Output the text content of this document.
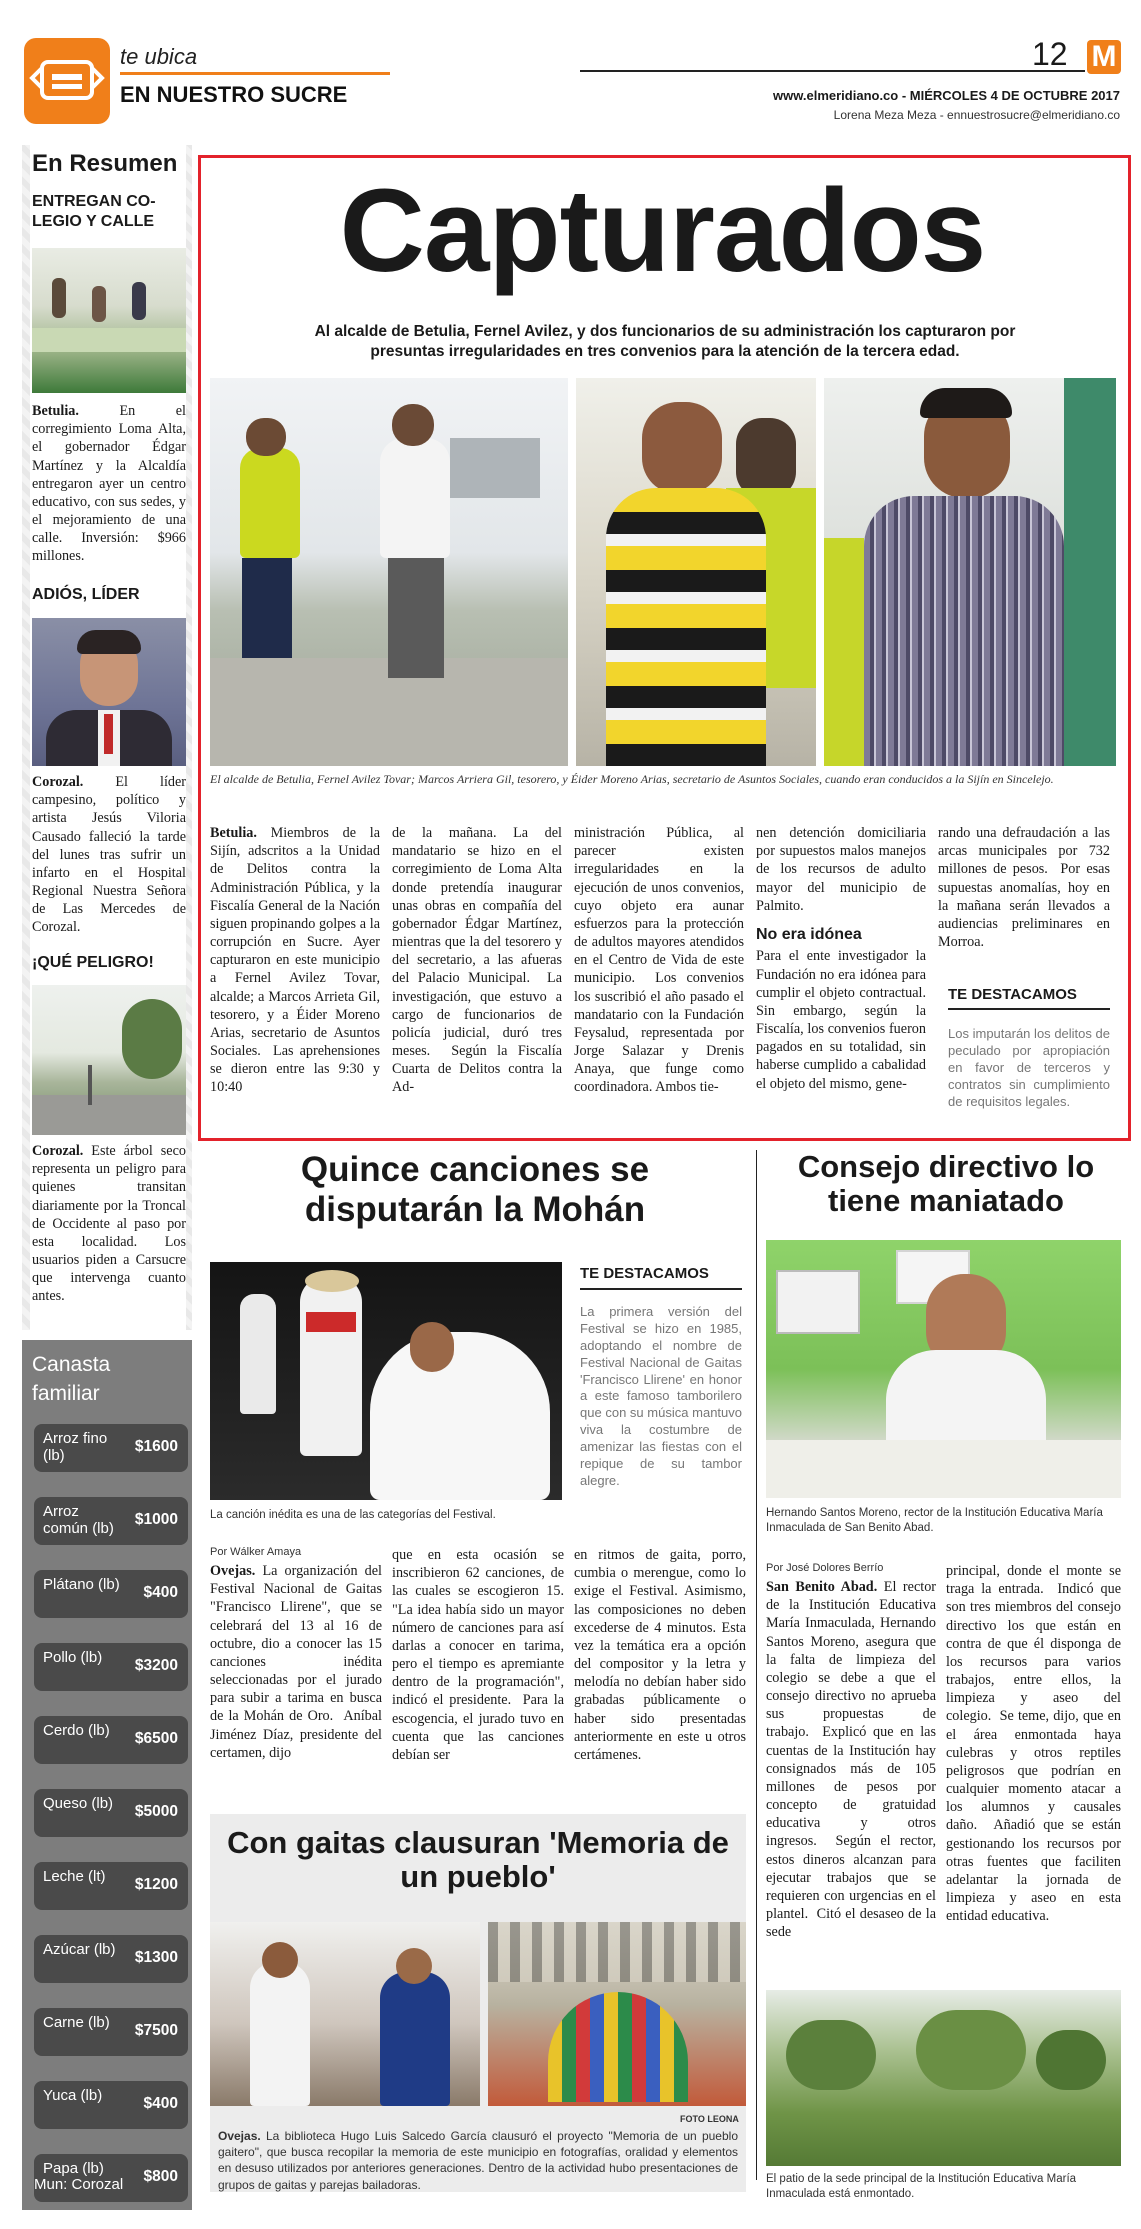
te ubica
EN NUESTRO SUCRE
12 M
www.elmeridiano.co - MIÉRCOLES 4 DE OCTUBRE 2017
Lorena Meza Meza - ennuestrosucre@elmeridiano.co
En Resumen
ENTREGAN CO-LEGIO Y CALLE
Betulia. En el corregimiento Loma Alta, el gobernador Édgar Martínez y la Alcaldía entregaron ayer un centro educativo, con sus sedes, y el mejoramiento de una calle. Inversión: $966 millones.
ADIÓS, LÍDER
Corozal. El líder campesino, político y artista Jesús Viloria Causado falleció la tarde del lunes tras sufrir un infarto en el Hospital Regional Nuestra Señora de Las Mercedes de Corozal.
¡QUÉ PELIGRO!
Corozal. Este árbol seco representa un peligro para quienes transitan diariamente por la Troncal de Occidente al paso por esta localidad. Los usuarios piden a Carsucre que intervenga cuanto antes.
Canasta familiar
Arroz fino (lb)
$1600
Arroz común (lb)
$1000
Plátano (lb) $400
Pollo (lb)	$3200
Cerdo (lb)	$6500
Queso (lb)	$5000
Leche (lt)	$1200
Azúcar (lb)	$1300
Carne (lb)	$7500
Yuca (lb)	$400
Papa (lb)	$800
Mun: Corozal
Capturados
Al alcalde de Betulia, Fernel Avilez, y dos funcionarios de su administración los capturaron por presuntas irregularidades en tres convenios para la atención de la tercera edad.
El alcalde de Betulia, Fernel Avilez Tovar; Marcos Arriera Gil, tesorero, y Éider Moreno Arias, secretario de Asuntos Sociales, cuando eran conducidos a la Sijín en Sincelejo.
Betulia. Miembros de la Sijín, adscritos a la Unidad de Delitos contra la Administración Pública, y la Fiscalía General de la Nación siguen propinando golpes a la corrupción en Sucre. Ayer capturaron en este municipio a Fernel Avilez Tovar, alcalde; a Marcos Arrieta Gil, tesorero, y a Éider Moreno Arias, secretario de Asuntos Sociales.  Las aprehensiones se dieron entre las 9:30 y 10:40
de la mañana. La del mandatario se hizo en el corregimiento de Loma Alta donde pretendía inaugurar unas obras en compañía del gobernador Édgar Martínez, mientras que la del tesorero y del secretario, a las afueras del Palacio Municipal.  La investigación, que estuvo a cargo de funcionarios de policía judicial, duró tres meses.  Según la Fiscalía Cuarta de Delitos contra la Ad-
ministración Pública, al parecer existen irregularidades en la ejecución de unos convenios, cuyo objeto era aunar esfuerzos para la protección de adultos mayores atendidos en el Centro de Vida de este municipio.  Los convenios los suscribió el año pasado el mandatario con la Fundación Feysalud, representada por Jorge Salazar y Drenis Anaya, que funge como coordinadora. Ambos tie-
nen detención domiciliaria por supuestos malos manejos de los recursos de adulto mayor del municipio de Palmito.
No era idónea
Para el ente investigador la Fundación no era idónea para cumplir el objeto contractual. Sin embargo, según la Fiscalía, los convenios fueron pagados en su totalidad, sin haberse cumplido a cabalidad el objeto del mismo, gene-
rando una defraudación a las arcas municipales por 732 millones de pesos.  Por esas supuestas anomalías, hoy en la mañana serán llevados a audiencias preliminares en Morroa.
TE DESTACAMOS
Los imputarán los delitos de peculado por apropiación en favor de terceros y contratos sin cumplimiento de requisitos legales.
Quince canciones se disputarán la Mohán
La canción inédita es una de las categorías del Festival.
TE DESTACAMOS
La primera versión del Festival se hizo en 1985, adoptando el nombre de Festival Nacional de Gaitas 'Francisco Llirene' en honor a este famoso tamborilero que con su música mantuvo viva la costumbre de amenizar las fiestas con el repique de su tambor alegre.
Por Wálker Amaya
Ovejas. La organización del Festival Nacional de Gaitas "Francisco Llirene", que se celebrará del 13 al 16 de octubre, dio a conocer las 15 canciones inédita seleccionadas por el jurado para subir a tarima en busca de la Mohán de Oro.  Aníbal Jiménez Díaz, presidente del certamen, dijo
que en esta ocasión se inscribieron 62 canciones, de las cuales se escogieron 15. "La idea había sido un mayor número de canciones para así darlas a conocer en tarima, pero el tiempo es apremiante dentro de la programación", indicó el presidente.  Para la escogencia, el jurado tuvo en cuenta que las canciones debían ser
en ritmos de gaita, porro, cumbia o merengue, como lo exige el Festival. Asimismo, las composiciones no deben excederse de 4 minutos. Esta vez la temática era a opción del compositor y la letra y melodía no debían haber sido grabadas públicamente o haber sido presentadas anteriormente en este u otros certámenes.
Con gaitas clausuran 'Memoria de un pueblo'
FOTO LEONA
Ovejas. La biblioteca Hugo Luis Salcedo García clausuró el proyecto "Memoria de un pueblo gaitero", que busca recopilar la memoria de este municipio en fotografías, oralidad y elementos en desuso utilizados por anteriores generaciones. Dentro de la actividad hubo presentaciones de grupos de gaitas y parejas bailadoras.
Consejo directivo lo tiene maniatado
Hernando Santos Moreno, rector de la Institución Educativa María Inmaculada de San Benito Abad.
Por José Dolores Berrío
San Benito Abad. El rector de la Institución Educativa María Inmaculada, Hernando Santos Moreno, asegura que la falta de limpieza del colegio se debe a que el consejo directivo no aprueba sus propuestas de trabajo.  Explicó que en las cuentas de la Institución hay consignados más de 105 millones de pesos por concepto de gratuidad educativa y otros ingresos.  Según el rector, estos dineros alcanzan para ejecutar trabajos que se requieren con urgencias en el plantel.  Citó el desaseo de la sede
principal, donde el monte se traga la entrada.  Indicó que son tres miembros del consejo directivo los que están en contra de que él disponga de los recursos para varios trabajos, entre ellos, la limpieza y aseo del colegio.  Se teme, dijo, que en el área enmontada haya culebras y otros reptiles peligrosos que podrían en cualquier momento atacar a los alumnos y causales daño.  Añadió que se están gestionando los recursos por otras fuentes que faciliten adelantar la jornada de limpieza y aseo en esta entidad educativa.
El patio de la sede principal de la Institución Educativa María Inmaculada está enmontado.
